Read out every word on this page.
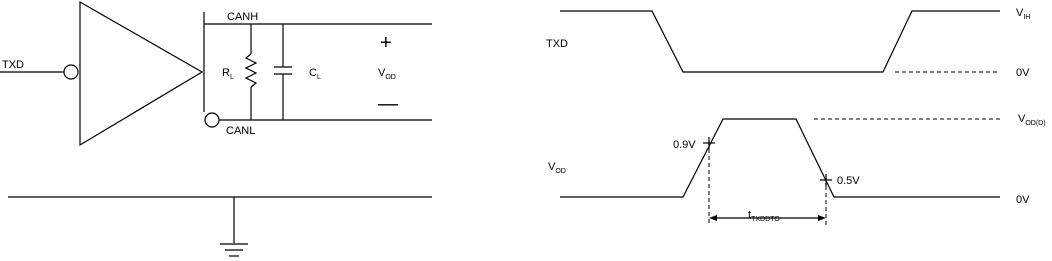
TXD
CANH
CANL
$R_L$	$C_L$
+
$V_{OD}$
—
TXD
$V_{IH}$
0V
$V_{OD(D)}$
$V_{OD}$
0V
0.9V
0.5V
$t_{TXDDTO}$
